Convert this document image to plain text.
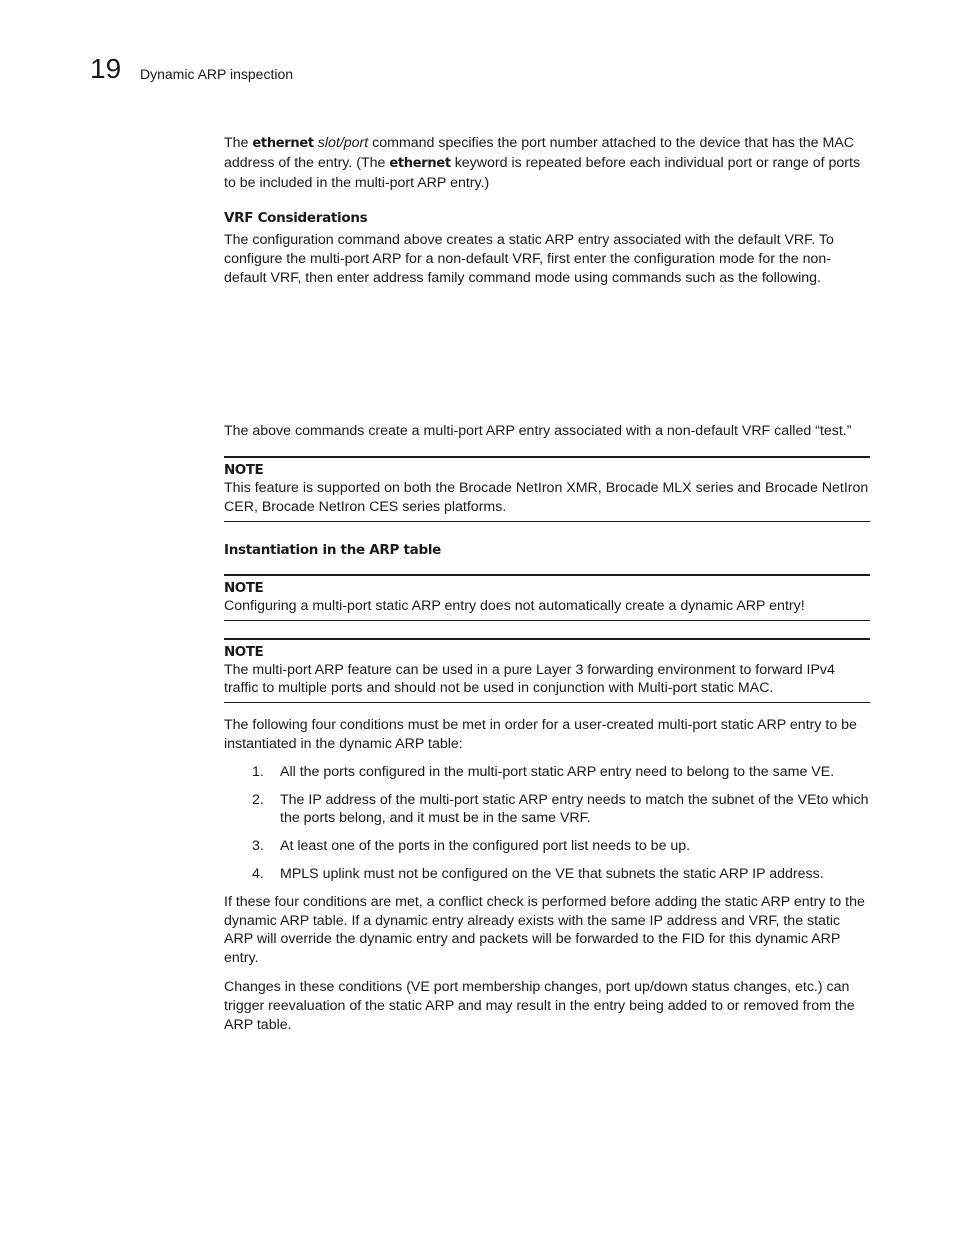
19 Dynamic ARP inspection

The ethernet slot/port command specifies the port number attached to the device that has the MAC address of the entry. (The ethernet keyword is repeated before each individual port or range of ports to be included in the multi-port ARP entry.)

VRF Considerations

The configuration command above creates a static ARP entry associated with the default VRF. To configure the multi-port ARP for a non-default VRF, first enter the configuration mode for the non-default VRF, then enter address family command mode using commands such as the following.

The above commands create a multi-port ARP entry associated with a non-default VRF called “test.”

NOTE

This feature is supported on both the Brocade NetIron XMR, Brocade MLX series and Brocade NetIron CER, Brocade NetIron CES series platforms.

Instantiation in the ARP table

NOTE

Configuring a multi-port static ARP entry does not automatically create a dynamic ARP entry!

NOTE

The multi-port ARP feature can be used in a pure Layer 3 forwarding environment to forward IPv4 traffic to multiple ports and should not be used in conjunction with Multi-port static MAC.

The following four conditions must be met in order for a user-created multi-port static ARP entry to be instantiated in the dynamic ARP table:

1. All the ports configured in the multi-port static ARP entry need to belong to the same VE.
2. The IP address of the multi-port static ARP entry needs to match the subnet of the VEto which the ports belong, and it must be in the same VRF.
3. At least one of the ports in the configured port list needs to be up.
4. MPLS uplink must not be configured on the VE that subnets the static ARP IP address.

If these four conditions are met, a conflict check is performed before adding the static ARP entry to the dynamic ARP table. If a dynamic entry already exists with the same IP address and VRF, the static ARP will override the dynamic entry and packets will be forwarded to the FID for this dynamic ARP entry.

Changes in these conditions (VE port membership changes, port up/down status changes, etc.) can trigger reevaluation of the static ARP and may result in the entry being added to or removed from the ARP table.
